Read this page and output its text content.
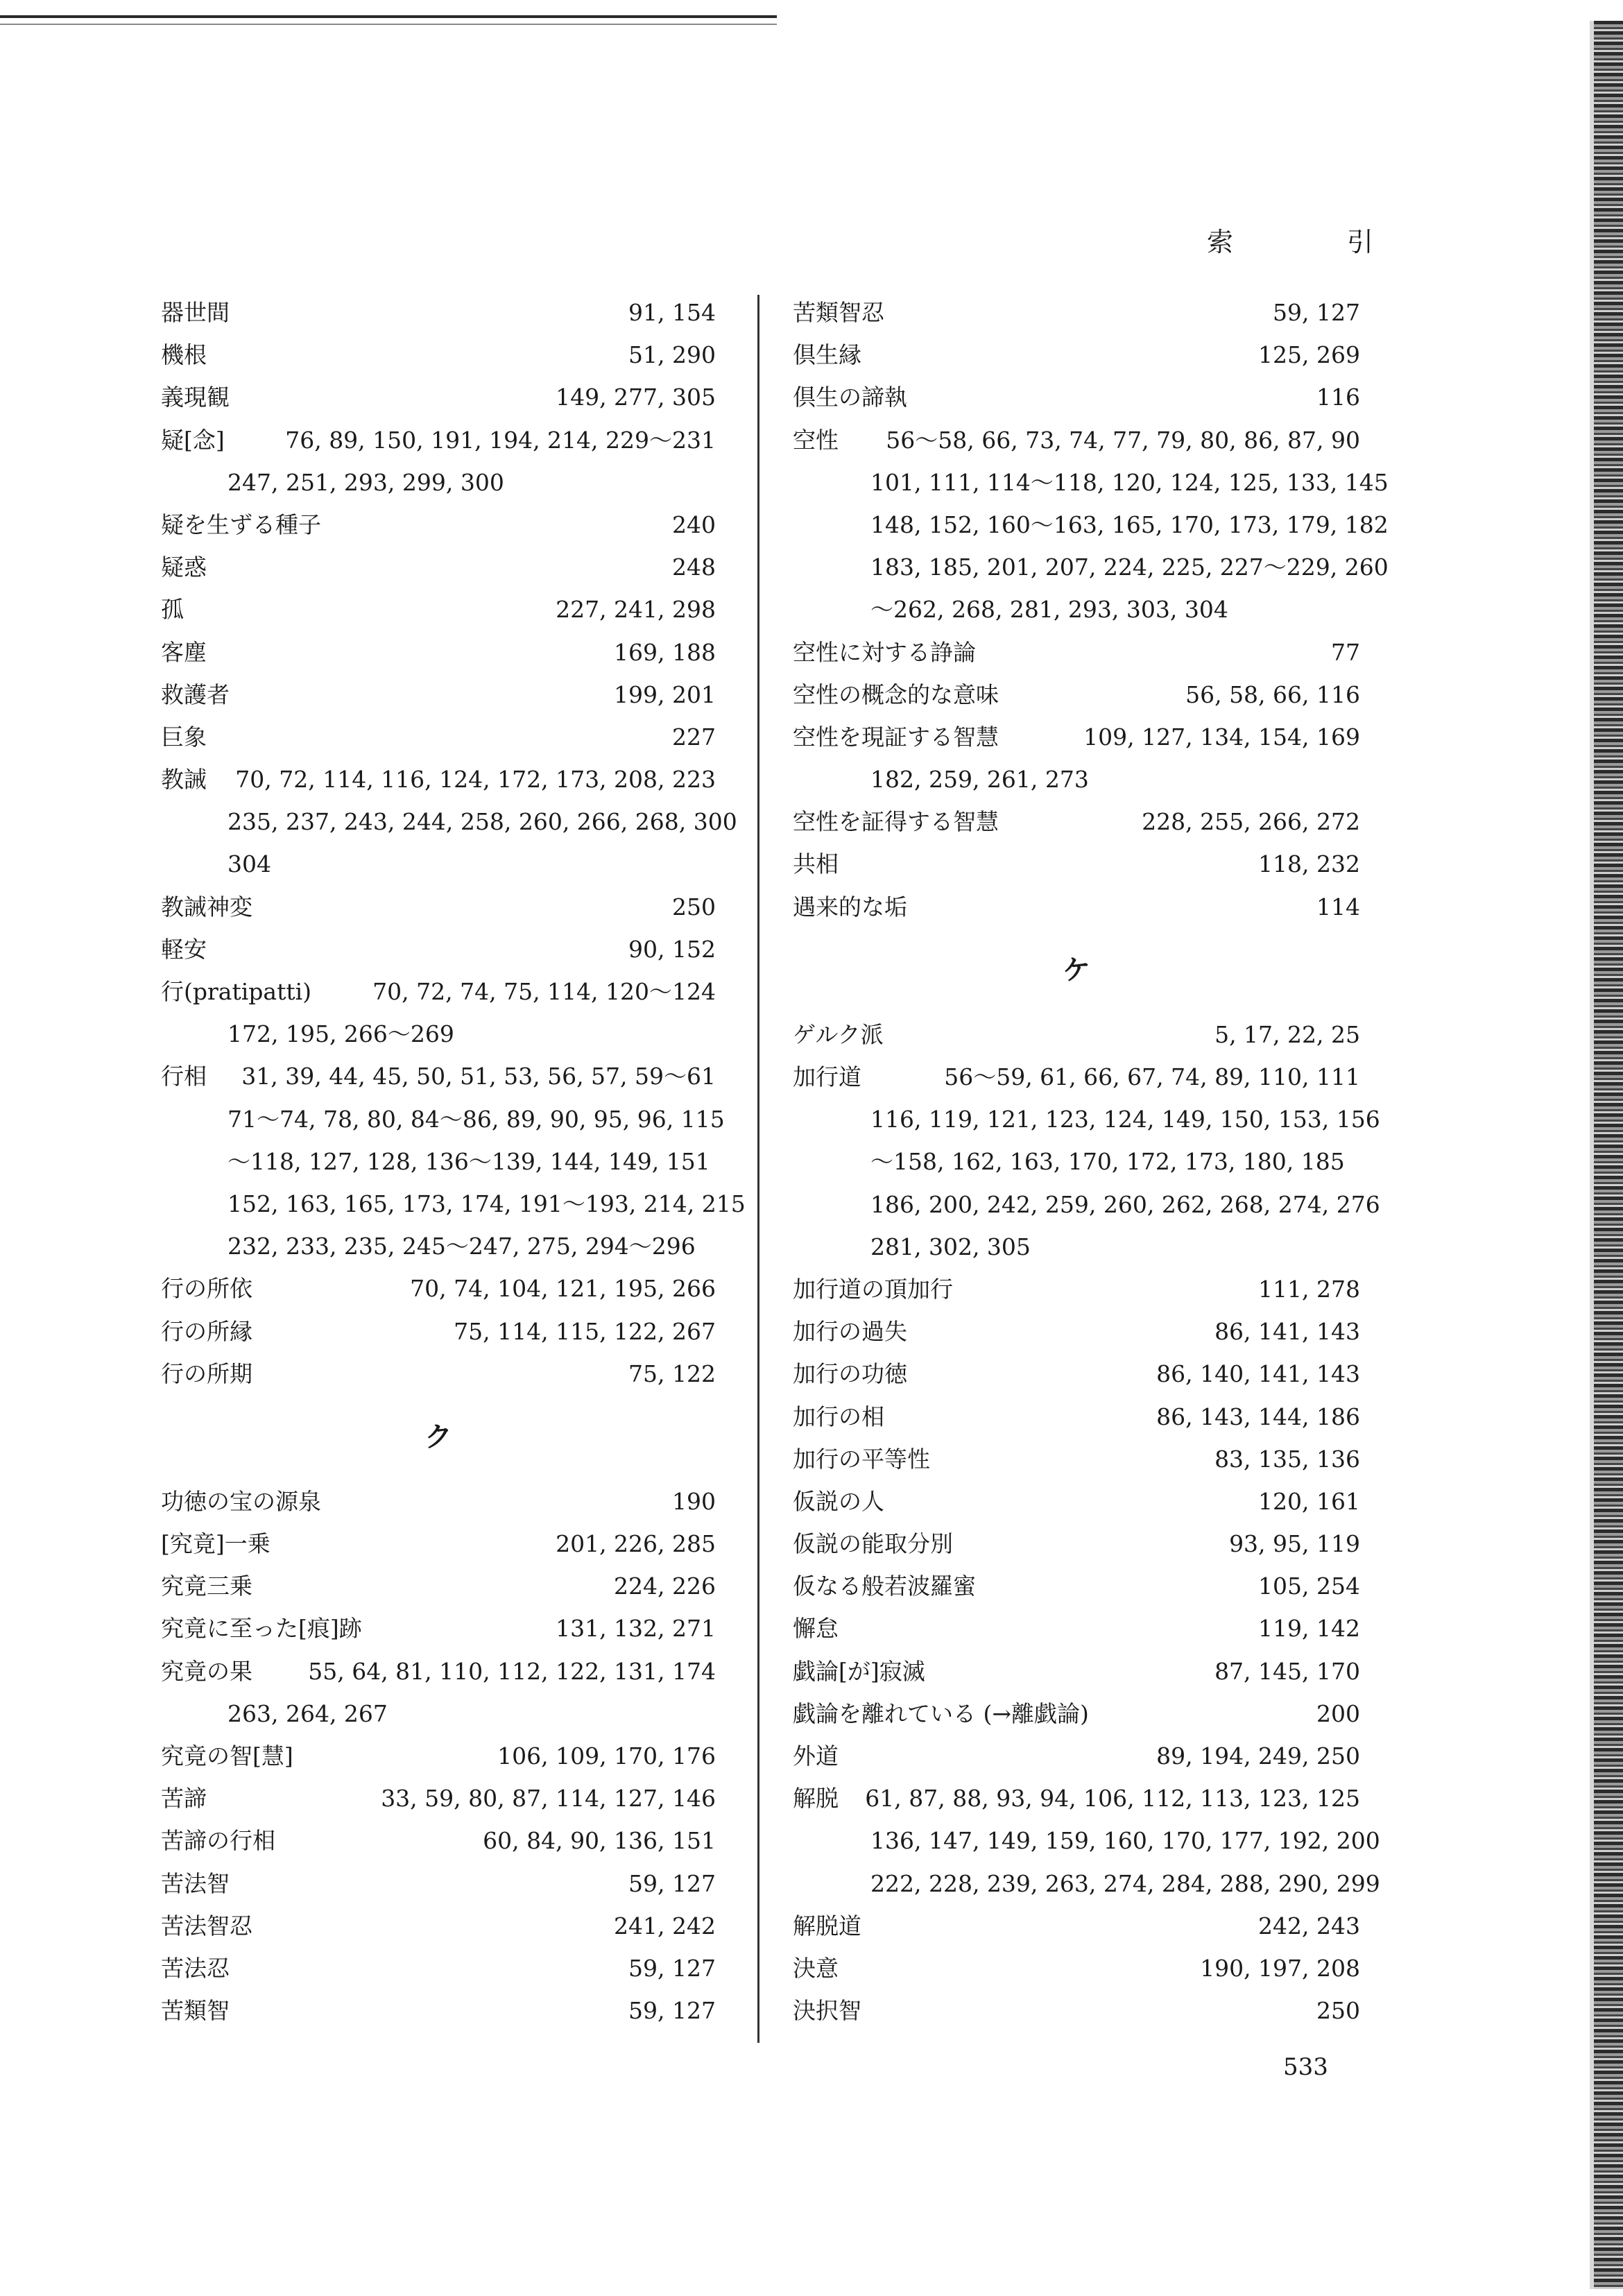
索	引
器世間	91, 154
機根	51, 290
義現観	149, 277, 305
疑[念]	76, 89, 150, 191, 194, 214, 229〜231
247, 251, 293, 299, 300
疑を生ずる種子	240
疑惑	248
孤	227, 241, 298
客塵	169, 188
救護者	199, 201
巨象	227
教誡 70, 72, 114, 116, 124, 172, 173, 208, 223
235, 237, 243, 244, 258, 260, 266, 268, 300
304
教誡神変	250
軽安	90, 152
行(pratipatti)	70, 72, 74, 75, 114, 120〜124
172, 195, 266〜269
行相 31, 39, 44, 45, 50, 51, 53, 56, 57, 59〜61
71〜74, 78, 80, 84〜86, 89, 90, 95, 96, 115
〜118, 127, 128, 136〜139, 144, 149, 151
152, 163, 165, 173, 174, 191〜193, 214, 215
232, 233, 235, 245〜247, 275, 294〜296
行の所依	70, 74, 104, 121, 195, 266
行の所縁	75, 114, 115, 122, 267
行の所期	75, 122
ク
功徳の宝の源泉	190
[究竟]一乗	201, 226, 285
究竟三乗	224, 226
究竟に至った[痕]跡	131, 132, 271
究竟の果 55, 64, 81, 110, 112, 122, 131, 174
263, 264, 267
究竟の智[慧]	106, 109, 170, 176
苦諦	33, 59, 80, 87, 114, 127, 146
苦諦の行相	60, 84, 90, 136, 151
苦法智	59, 127
苦法智忍	241, 242
苦法忍	59, 127
苦類智	59, 127
苦類智忍	59, 127
倶生縁	125, 269
倶生の諦執	116
空性 56〜58, 66, 73, 74, 77, 79, 80, 86, 87, 90
101, 111, 114〜118, 120, 124, 125, 133, 145
148, 152, 160〜163, 165, 170, 173, 179, 182
183, 185, 201, 207, 224, 225, 227〜229, 260
〜262, 268, 281, 293, 303, 304
空性に対する諍論	77
空性の概念的な意味	56, 58, 66, 116
空性を現証する智慧	109, 127, 134, 154, 169
182, 259, 261, 273
空性を証得する智慧	228, 255, 266, 272
共相	118, 232
遇来的な垢	114
ケ
ゲルク派	5, 17, 22, 25
加行道	56〜59, 61, 66, 67, 74, 89, 110, 111
116, 119, 121, 123, 124, 149, 150, 153, 156
〜158, 162, 163, 170, 172, 173, 180, 185
186, 200, 242, 259, 260, 262, 268, 274, 276
281, 302, 305
加行道の頂加行	111, 278
加行の過失	86, 141, 143
加行の功徳	86, 140, 141, 143
加行の相	86, 143, 144, 186
加行の平等性	83, 135, 136
仮説の人	120, 161
仮説の能取分別	93, 95, 119
仮なる般若波羅蜜	105, 254
懈怠	119, 142
戯論[が]寂滅	87, 145, 170
戯論を離れている (→離戯論)	200
外道	89, 194, 249, 250
解脱 61, 87, 88, 93, 94, 106, 112, 113, 123, 125
136, 147, 149, 159, 160, 170, 177, 192, 200
222, 228, 239, 263, 274, 284, 288, 290, 299
解脱道	242, 243
決意	190, 197, 208
決択智	250
533
